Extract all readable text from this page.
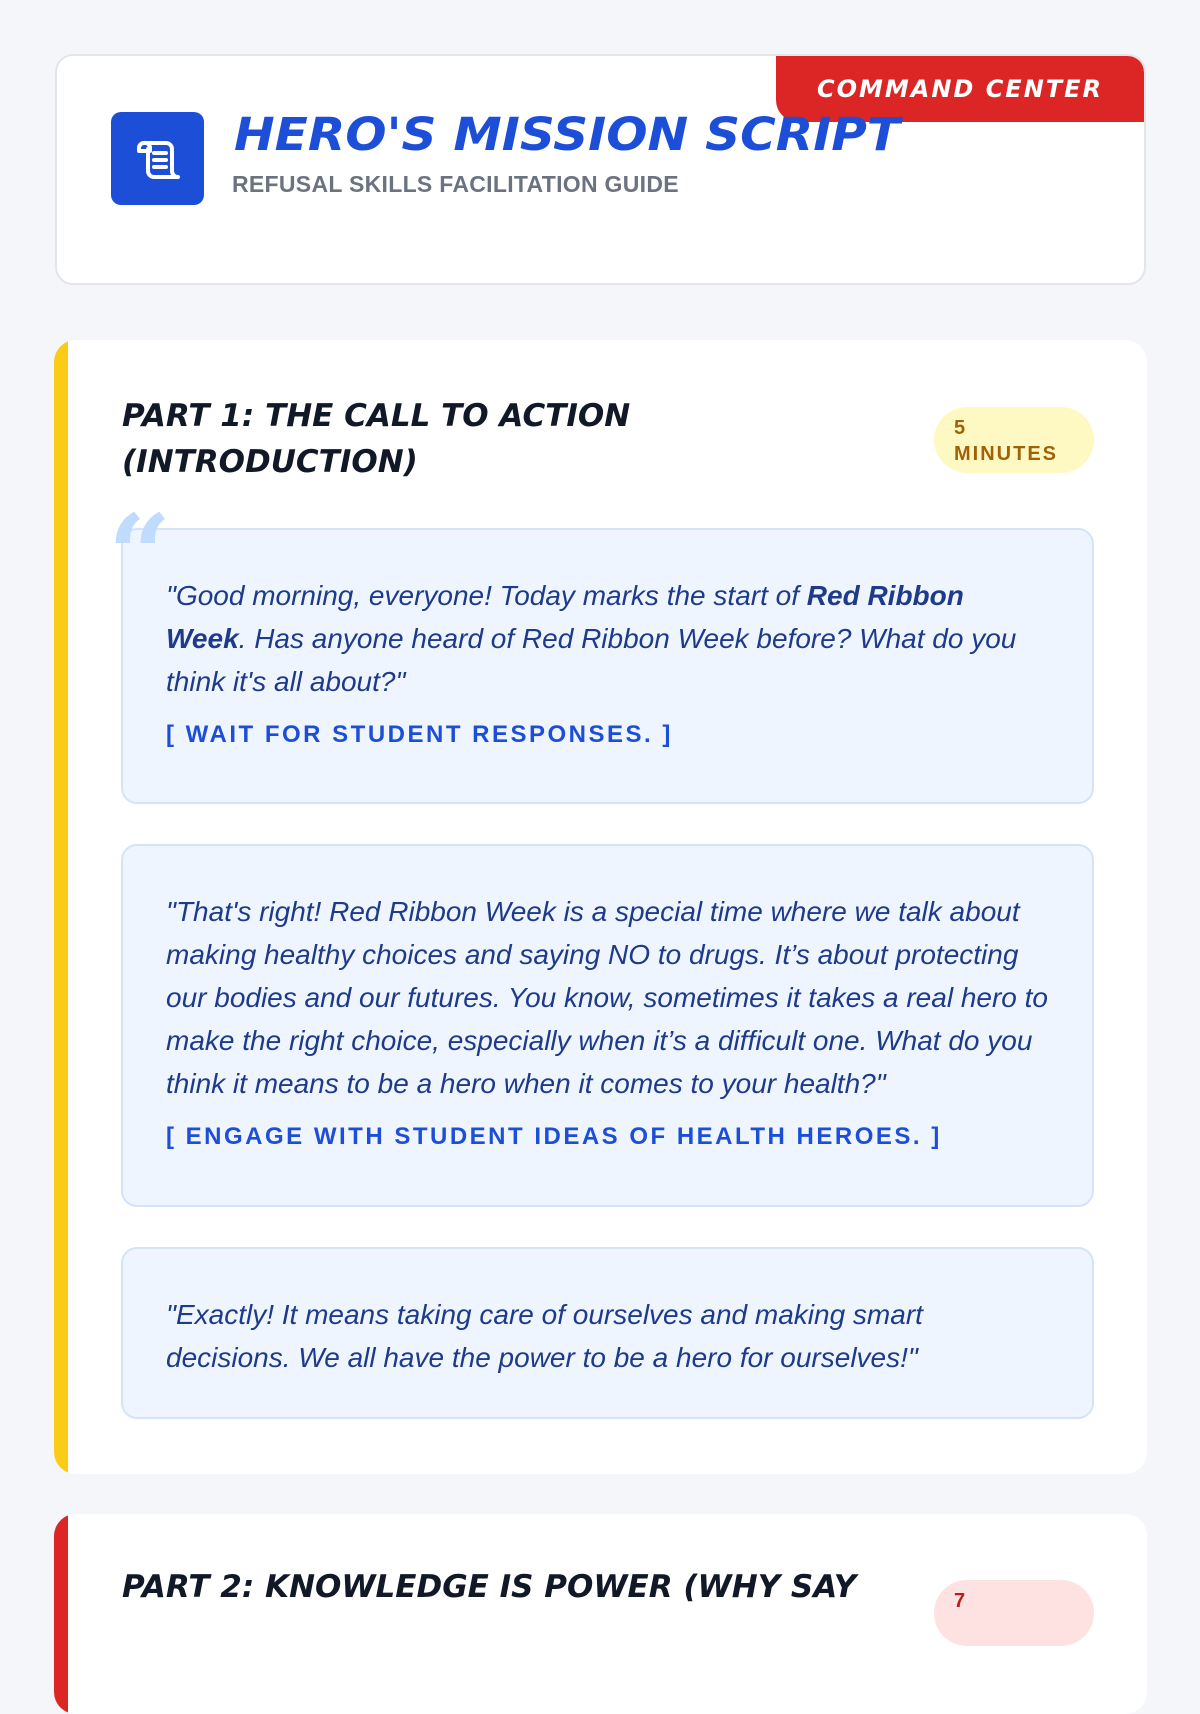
COMMAND CENTER
HERO'S MISSION SCRIPT
REFUSAL SKILLS FACILITATION GUIDE
PART 1: THE CALL TO ACTION (INTRODUCTION)
5 MINUTES

"Good morning, everyone! Today marks the start of Red Ribbon Week. Has anyone heard of Red Ribbon Week before? What do you think it's all about?"

[ WAIT FOR STUDENT RESPONSES. ]
“

"That's right! Red Ribbon Week is a special time where we talk about making healthy choices and saying NO to drugs. It’s about protecting our bodies and our futures. You know, sometimes it takes a real hero to make the right choice, especially when it’s a difficult one. What do you think it means to be a hero when it comes to your health?"

[ ENGAGE WITH STUDENT IDEAS OF HEALTH HEROES. ]

"Exactly! It means taking care of ourselves and making smart decisions. We all have the power to be a hero for ourselves!"

PART 2: KNOWLEDGE IS POWER (WHY SAY	7
